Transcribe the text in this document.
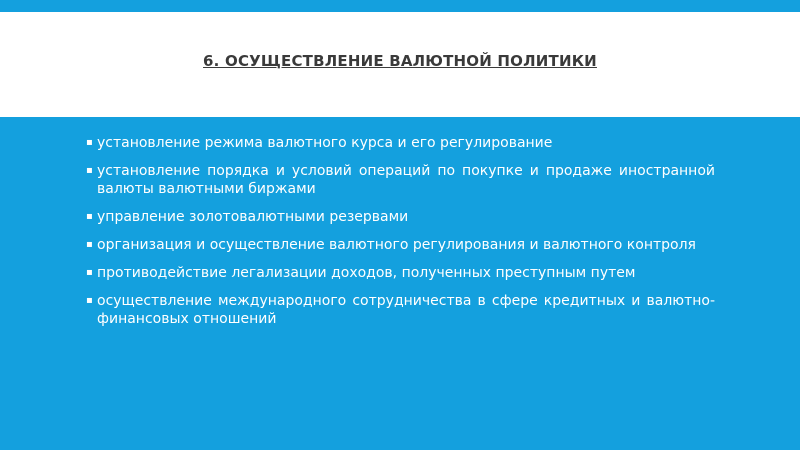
6. ОСУЩЕСТВЛЕНИЕ ВАЛЮТНОЙ ПОЛИТИКИ
▪ установление режима валютного курса и его регулирование
▪ установление порядка и условий операций по покупке и продаже иностранной валюты валютными биржами
▪ управление золотовалютными резервами
▪ организация и осуществление валютного регулирования и валютного контроля
▪ противодействие легализации доходов, полученных преступным путем
▪ осуществление международного сотрудничества в сфере кредитных и валютно- финансовых отношений
